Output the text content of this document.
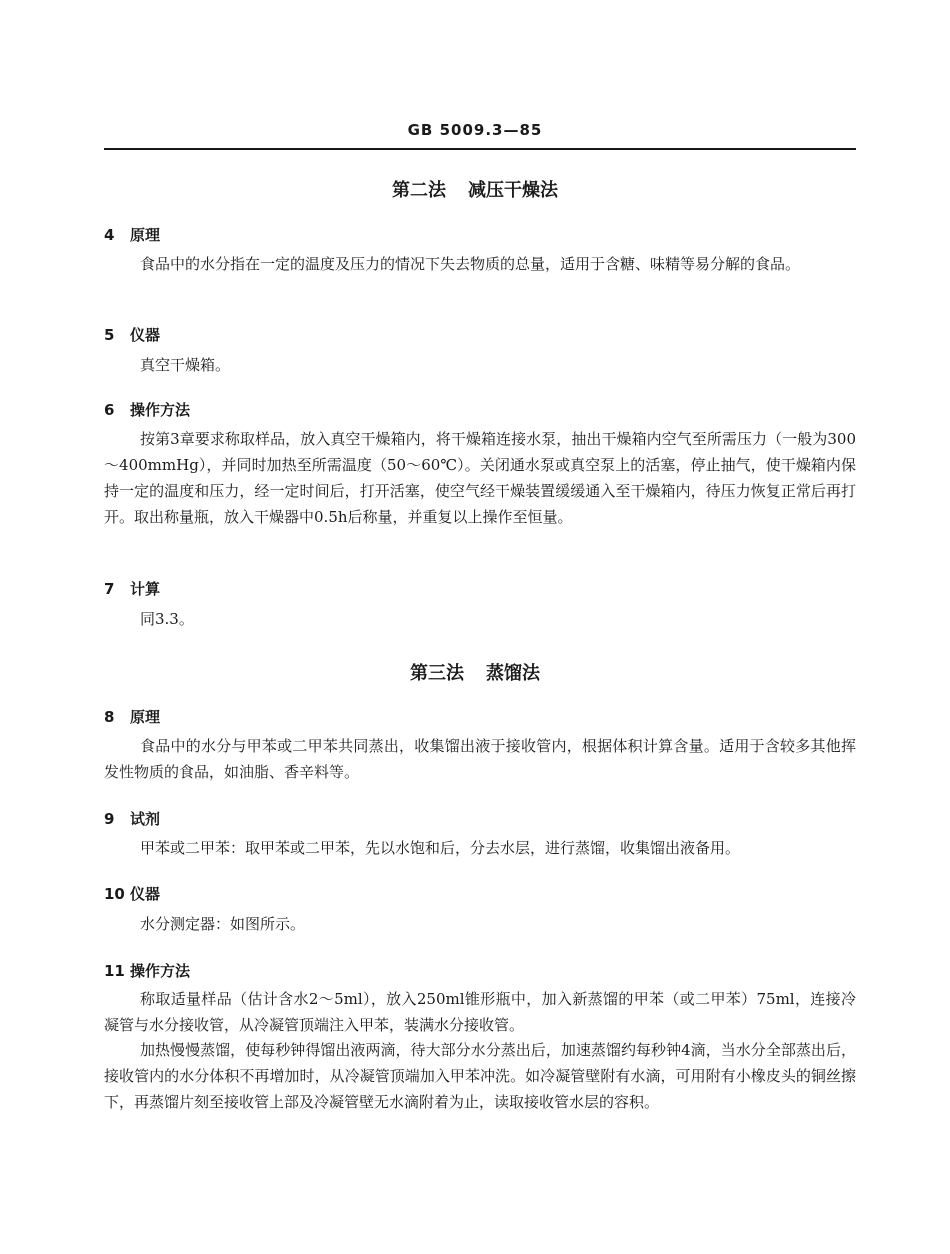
GB 5009.3—85
第二法 减压干燥法
4 原理
食品中的水分指在一定的温度及压力的情况下失去物质的总量，适用于含糖、味精等易分解的食品。
5 仪器
真空干燥箱。
6 操作方法
按第3章要求称取样品，放入真空干燥箱内，将干燥箱连接水泵，抽出干燥箱内空气至所需压力（一般为300～400mmHg），并同时加热至所需温度（50～60℃）。关闭通水泵或真空泵上的活塞，停止抽气，使干燥箱内保持一定的温度和压力，经一定时间后，打开活塞，使空气经干燥装置缓缓通入至干燥箱内，待压力恢复正常后再打开。取出称量瓶，放入干燥器中0.5h后称量，并重复以上操作至恒量。
7 计算
同3.3。
第三法 蒸馏法
8 原理
食品中的水分与甲苯或二甲苯共同蒸出，收集馏出液于接收管内，根据体积计算含量。适用于含较多其他挥发性物质的食品，如油脂、香辛料等。
9 试剂
甲苯或二甲苯：取甲苯或二甲苯，先以水饱和后，分去水层，进行蒸馏，收集馏出液备用。
10 仪器
水分测定器：如图所示。
11 操作方法
称取适量样品（估计含水2～5ml），放入250ml锥形瓶中，加入新蒸馏的甲苯（或二甲苯）75ml，连接冷凝管与水分接收管，从冷凝管顶端注入甲苯，装满水分接收管。
加热慢慢蒸馏，使每秒钟得馏出液两滴，待大部分水分蒸出后，加速蒸馏约每秒钟4滴，当水分全部蒸出后，接收管内的水分体积不再增加时，从冷凝管顶端加入甲苯冲洗。如冷凝管壁附有水滴，可用附有小橡皮头的铜丝擦下，再蒸馏片刻至接收管上部及冷凝管壁无水滴附着为止，读取接收管水层的容积。
